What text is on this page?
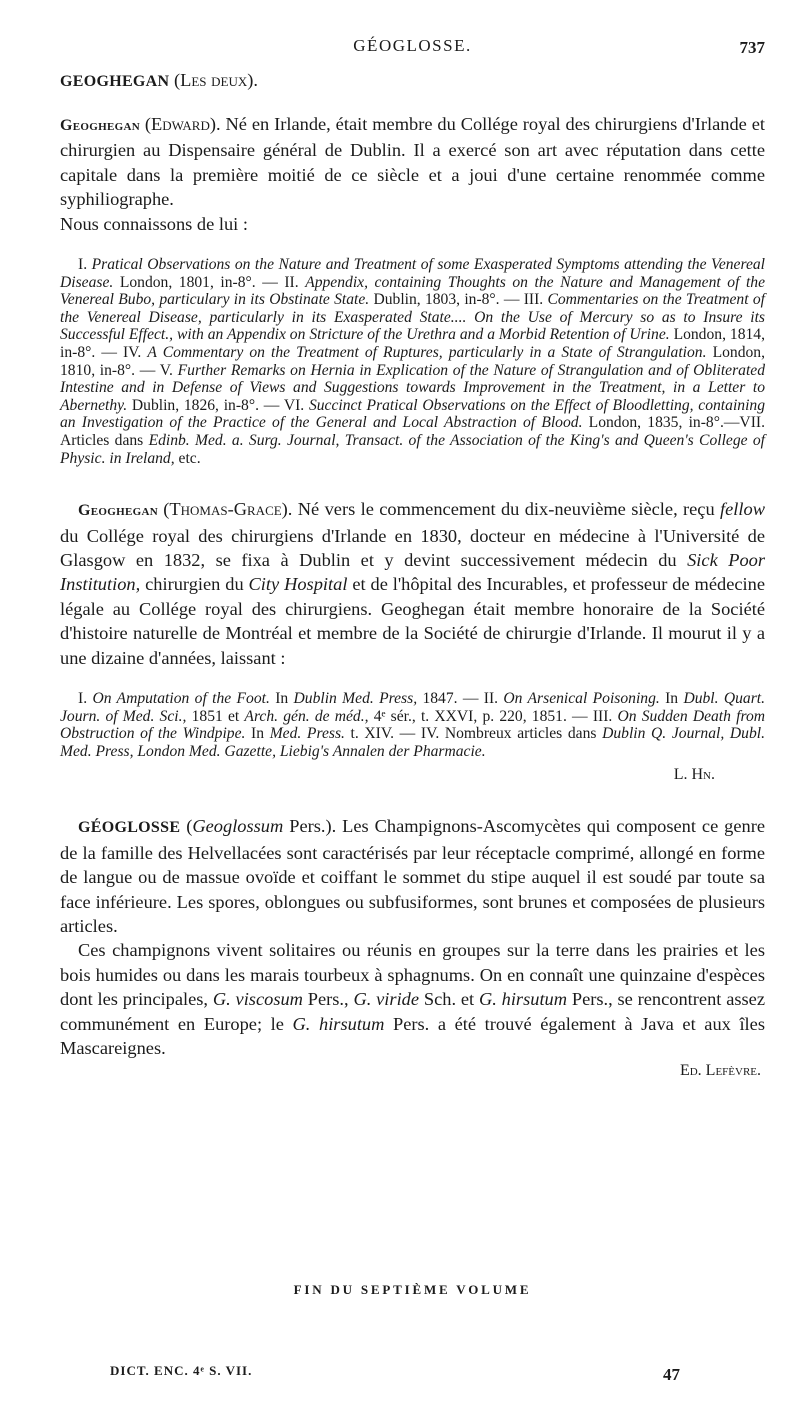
GÉOGLOSSE.	737

GEOGHEGAN (Les deux).

Geoghegan (Edward). Né en Irlande, était membre du Collége royal des chirurgiens d'Irlande et chirurgien au Dispensaire général de Dublin. Il a exercé son art avec réputation dans cette capitale dans la première moitié de ce siècle et a joui d'une certaine renommée comme syphiliographe.

Nous connaissons de lui :

I. Pratical Observations on the Nature and Treatment of some Exasperated Symptoms attending the Venereal Disease. London, 1801, in-8°. — II. Appendix, containing Thoughts on the Nature and Management of the Venereal Bubo, particulary in its Obstinate State. Dublin, 1803, in-8°. — III. Commentaries on the Treatment of the Venereal Disease, particularly in its Exasperated State.... On the Use of Mercury so as to Insure its Successful Effect., with an Appendix on Stricture of the Urethra and a Morbid Retention of Urine. London, 1814, in-8°. — IV. A Commentary on the Treatment of Ruptures, particularly in a State of Strangulation. London, 1810, in-8°. — V. Further Remarks on Hernia in Explication of the Nature of Strangulation and of Obliterated Intestine and in Defense of Views and Suggestions towards Improvement in the Treatment, in a Letter to Abernethy. Dublin, 1826, in-8°. — VI. Succinct Pratical Observations on the Effect of Bloodletting, containing an Investigation of the Practice of the General and Local Abstraction of Blood. London, 1835, in-8°.—VII. Articles dans Edinb. Med. a. Surg. Journal, Transact. of the Association of the King's and Queen's College of Physic. in Ireland, etc.

Geoghegan (Thomas-Grace). Né vers le commencement du dix-neuvième siècle, reçu fellow du Collége royal des chirurgiens d'Irlande en 1830, docteur en médecine à l'Université de Glasgow en 1832, se fixa à Dublin et y devint successivement médecin du Sick Poor Institution, chirurgien du City Hospital et de l'hôpital des Incurables, et professeur de médecine légale au Collége royal des chirurgiens. Geoghegan était membre honoraire de la Société d'histoire naturelle de Montréal et membre de la Société de chirurgie d'Irlande. Il mourut il y a une dizaine d'années, laissant :

I. On Amputation of the Foot. In Dublin Med. Press, 1847. — II. On Arsenical Poisoning. In Dubl. Quart. Journ. of Med. Sci., 1851 et Arch. gén. de méd., 4ᵉ sér., t. XXVI, p. 220, 1851. — III. On Sudden Death from Obstruction of the Windpipe. In Med. Press. t. XIV. — IV. Nombreux articles dans Dublin Q. Journal, Dubl. Med. Press, London Med. Gazette, Liebig's Annalen der Pharmacie.

L. Hn.

GÉOGLOSSE (Geoglossum Pers.). Les Champignons-Ascomycètes qui composent ce genre de la famille des Helvellacées sont caractérisés par leur réceptacle comprimé, allongé en forme de langue ou de massue ovoïde et coiffant le sommet du stipe auquel il est soudé par toute sa face inférieure. Les spores, oblongues ou subfusiformes, sont brunes et composées de plusieurs articles.

Ces champignons vivent solitaires ou réunis en groupes sur la terre dans les prairies et les bois humides ou dans les marais tourbeux à sphagnums. On en connaît une quinzaine d'espèces dont les principales, G. viscosum Pers., G. viride Sch. et G. hirsutum Pers., se rencontrent assez communément en Europe; le G. hirsutum Pers. a été trouvé également à Java et aux îles Mascareignes.

Ed. Lefèvre.

FIN DU SEPTIÈME VOLUME
DICT. ENC. 4ᵉ S. VII.	47
